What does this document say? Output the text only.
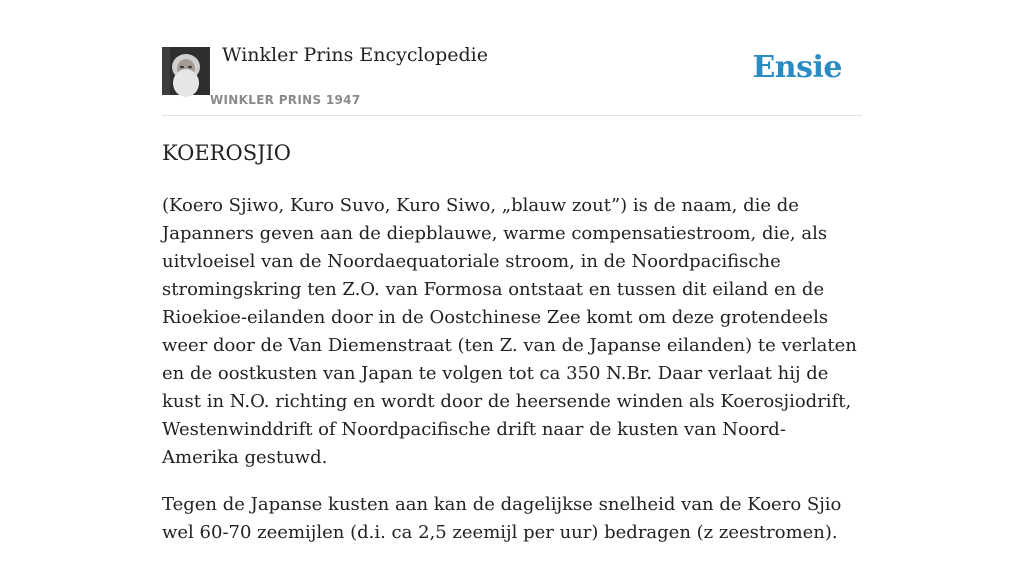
Winkler Prins Encyclopedie
WINKLER PRINS 1947
Ensie
KOEROSJIO

(Koero Sjiwo, Kuro Suvo, Kuro Siwo, „blauw zout”) is de naam, die de Japanners geven aan de diepblauwe, warme compensatiestroom, die, als uitvloeisel van de Noordaequatoriale stroom, in de Noordpacifische stromingskring ten Z.O. van Formosa ontstaat en tussen dit eiland en de Rioekioe-eilanden door in de Oostchinese Zee komt om deze grotendeels weer door de Van Diemenstraat (ten Z. van de Japanse eilanden) te verlaten en de oostkusten van Japan te volgen tot ca 350 N.Br. Daar verlaat hij de kust in N.O. richting en wordt door de heersende winden als Koerosjiodrift, Westenwinddrift of Noordpacifische drift naar de kusten van Noord-Amerika gestuwd.

Tegen de Japanse kusten aan kan de dagelijkse snelheid van de Koero Sjio wel 60-70 zeemijlen (d.i. ca 2,5 zeemijl per uur) bedragen (z zeestromen).
